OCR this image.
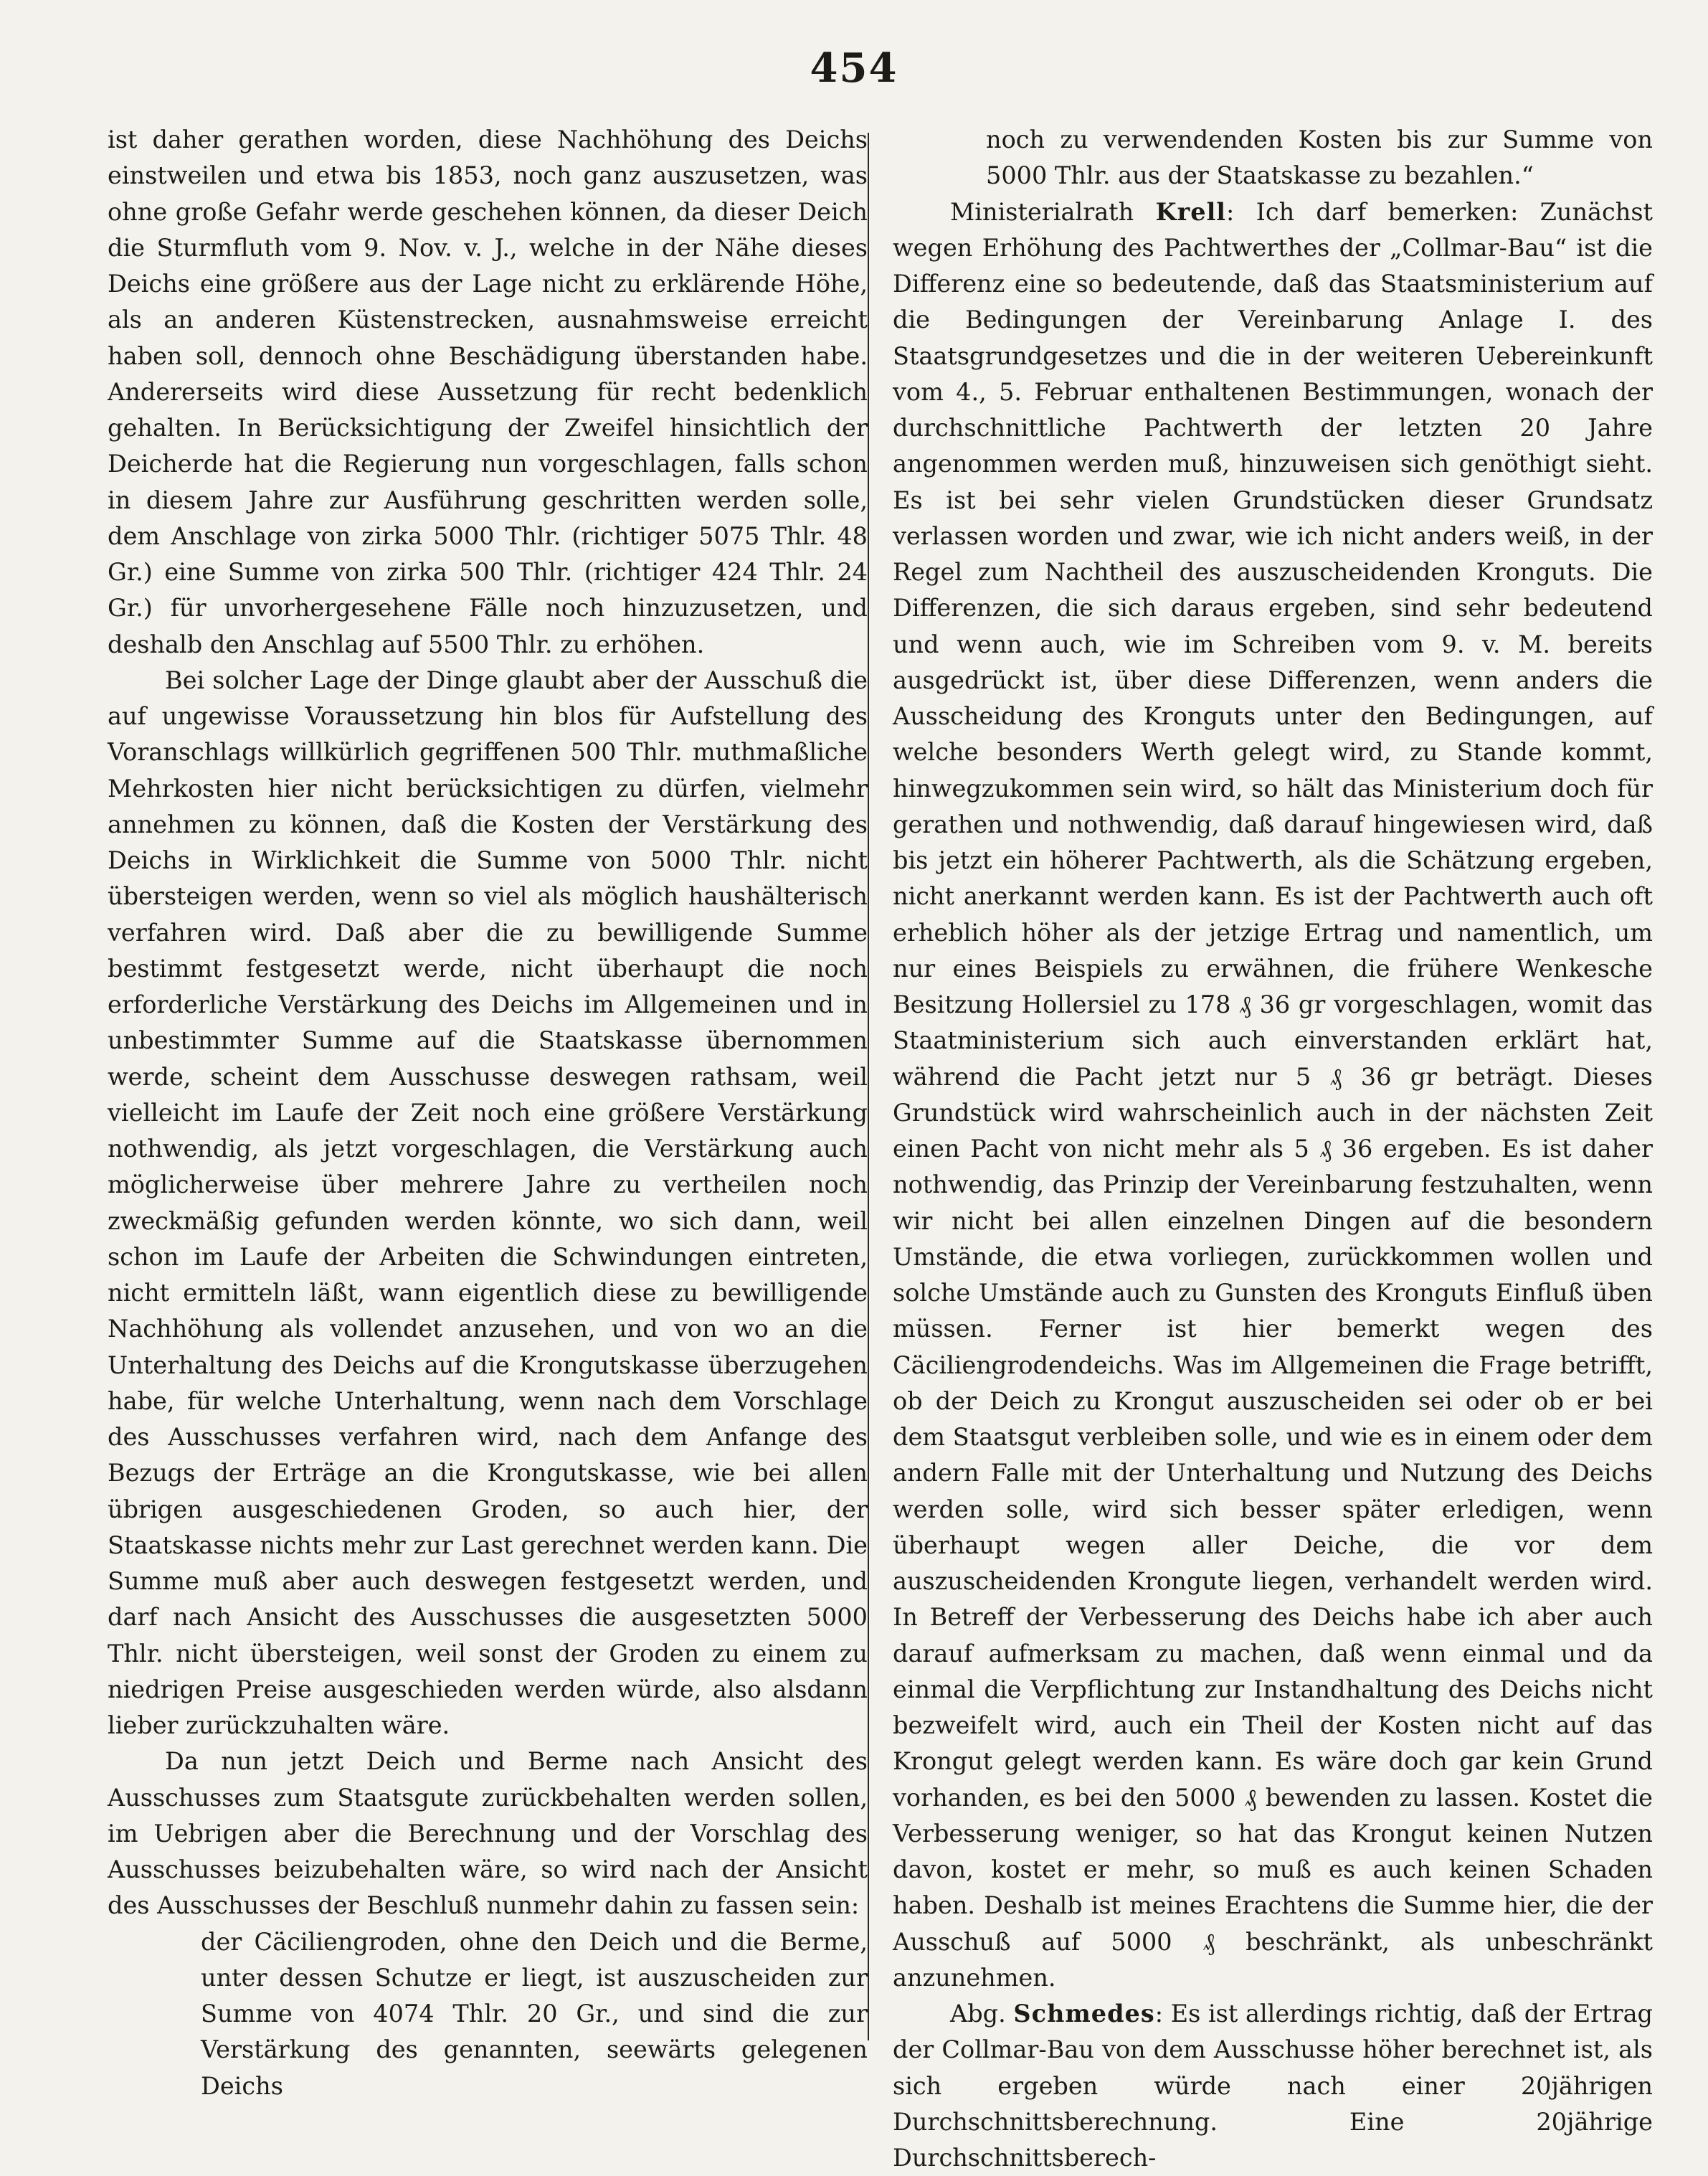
454

ist daher gerathen worden, diese Nachhöhung des Deichs einstweilen und etwa bis 1853, noch ganz auszusetzen, was ohne große Gefahr werde geschehen können, da dieser Deich die Sturmfluth vom 9. Nov. v. J., welche in der Nähe dieses Deichs eine größere aus der Lage nicht zu erklärende Höhe, als an anderen Küstenstrecken, ausnahmsweise erreicht haben soll, dennoch ohne Beschädigung überstanden habe. Andererseits wird diese Aussetzung für recht bedenklich gehalten. In Berücksichtigung der Zweifel hinsichtlich der Deicherde hat die Regierung nun vorgeschlagen, falls schon in diesem Jahre zur Ausführung geschritten werden solle, dem Anschlage von zirka 5000 Thlr. (richtiger 5075 Thlr. 48 Gr.) eine Summe von zirka 500 Thlr. (richtiger 424 Thlr. 24 Gr.) für unvorhergesehene Fälle noch hinzuzusetzen, und deshalb den Anschlag auf 5500 Thlr. zu erhöhen.

Bei solcher Lage der Dinge glaubt aber der Ausschuß die auf ungewisse Voraussetzung hin blos für Aufstellung des Voranschlags willkürlich gegriffenen 500 Thlr. muthmaßliche Mehrkosten hier nicht berücksichtigen zu dürfen, vielmehr annehmen zu können, daß die Kosten der Verstärkung des Deichs in Wirklichkeit die Summe von 5000 Thlr. nicht übersteigen werden, wenn so viel als möglich haushälterisch verfahren wird. Daß aber die zu bewilligende Summe bestimmt festgesetzt werde, nicht überhaupt die noch erforderliche Verstärkung des Deichs im Allgemeinen und in unbestimmter Summe auf die Staatskasse übernommen werde, scheint dem Ausschusse deswegen rathsam, weil vielleicht im Laufe der Zeit noch eine größere Verstärkung nothwendig, als jetzt vorgeschlagen, die Verstärkung auch möglicherweise über mehrere Jahre zu vertheilen noch zweckmäßig gefunden werden könnte, wo sich dann, weil schon im Laufe der Arbeiten die Schwindungen eintreten, nicht ermitteln läßt, wann eigentlich diese zu bewilligende Nachhöhung als vollendet anzusehen, und von wo an die Unterhaltung des Deichs auf die Krongutskasse überzugehen habe, für welche Unterhaltung, wenn nach dem Vorschlage des Ausschusses verfahren wird, nach dem Anfange des Bezugs der Erträge an die Krongutskasse, wie bei allen übrigen ausgeschiedenen Groden, so auch hier, der Staatskasse nichts mehr zur Last gerechnet werden kann. Die Summe muß aber auch deswegen festgesetzt werden, und darf nach Ansicht des Ausschusses die ausgesetzten 5000 Thlr. nicht übersteigen, weil sonst der Groden zu einem zu niedrigen Preise ausgeschieden werden würde, also alsdann lieber zurückzuhalten wäre.

Da nun jetzt Deich und Berme nach Ansicht des Ausschusses zum Staatsgute zurückbehalten werden sollen, im Uebrigen aber die Berechnung und der Vorschlag des Ausschusses beizubehalten wäre, so wird nach der Ansicht des Ausschusses der Beschluß nunmehr dahin zu fassen sein:

der Cäciliengroden, ohne den Deich und die Berme, unter dessen Schutze er liegt, ist auszuscheiden zur Summe von 4074 Thlr. 20 Gr., und sind die zur Verstärkung des genannten, seewärts gelegenen Deichs

noch zu verwendenden Kosten bis zur Summe von 5000 Thlr. aus der Staatskasse zu bezahlen.“

Ministerialrath Krell: Ich darf bemerken: Zunächst wegen Erhöhung des Pachtwerthes der „Collmar-Bau“ ist die Differenz eine so bedeutende, daß das Staatsministerium auf die Bedingungen der Vereinbarung Anlage I. des Staatsgrundgesetzes und die in der weiteren Uebereinkunft vom 4., 5. Februar enthaltenen Bestimmungen, wonach der durchschnittliche Pachtwerth der letzten 20 Jahre angenommen werden muß, hinzuweisen sich genöthigt sieht. Es ist bei sehr vielen Grundstücken dieser Grundsatz verlassen worden und zwar, wie ich nicht anders weiß, in der Regel zum Nachtheil des auszuscheidenden Kronguts. Die Differenzen, die sich daraus ergeben, sind sehr bedeutend und wenn auch, wie im Schreiben vom 9. v. M. bereits ausgedrückt ist, über diese Differenzen, wenn anders die Ausscheidung des Kronguts unter den Bedingungen, auf welche besonders Werth gelegt wird, zu Stande kommt, hinwegzukommen sein wird, so hält das Ministerium doch für gerathen und nothwendig, daß darauf hingewiesen wird, daß bis jetzt ein höherer Pachtwerth, als die Schätzung ergeben, nicht anerkannt werden kann. Es ist der Pachtwerth auch oft erheblich höher als der jetzige Ertrag und namentlich, um nur eines Beispiels zu erwähnen, die frühere Wenkesche Besitzung Hollersiel zu 178 ₰ 36 gr vorgeschlagen, womit das Staatministerium sich auch einverstanden erklärt hat, während die Pacht jetzt nur 5 ₰ 36 gr beträgt. Dieses Grundstück wird wahrscheinlich auch in der nächsten Zeit einen Pacht von nicht mehr als 5 ₰ 36 ergeben. Es ist daher nothwendig, das Prinzip der Vereinbarung festzuhalten, wenn wir nicht bei allen einzelnen Dingen auf die besondern Umstände, die etwa vorliegen, zurückkommen wollen und solche Umstände auch zu Gunsten des Kronguts Einfluß üben müssen. Ferner ist hier bemerkt wegen des Cäciliengrodendeichs. Was im Allgemeinen die Frage betrifft, ob der Deich zu Krongut auszuscheiden sei oder ob er bei dem Staatsgut verbleiben solle, und wie es in einem oder dem andern Falle mit der Unterhaltung und Nutzung des Deichs werden solle, wird sich besser später erledigen, wenn überhaupt wegen aller Deiche, die vor dem auszuscheidenden Krongute liegen, verhandelt werden wird. In Betreff der Verbesserung des Deichs habe ich aber auch darauf aufmerksam zu machen, daß wenn einmal und da einmal die Verpflichtung zur Instandhaltung des Deichs nicht bezweifelt wird, auch ein Theil der Kosten nicht auf das Krongut gelegt werden kann. Es wäre doch gar kein Grund vorhanden, es bei den 5000 ₰ bewenden zu lassen. Kostet die Verbesserung weniger, so hat das Krongut keinen Nutzen davon, kostet er mehr, so muß es auch keinen Schaden haben. Deshalb ist meines Erachtens die Summe hier, die der Ausschuß auf 5000 ₰ beschränkt, als unbeschränkt anzunehmen.

Abg. Schmedes: Es ist allerdings richtig, daß der Ertrag der Collmar-Bau von dem Ausschusse höher berechnet ist, als sich ergeben würde nach einer 20jährigen Durchschnittsberechnung. Eine 20jährige Durchschnittsberech-
